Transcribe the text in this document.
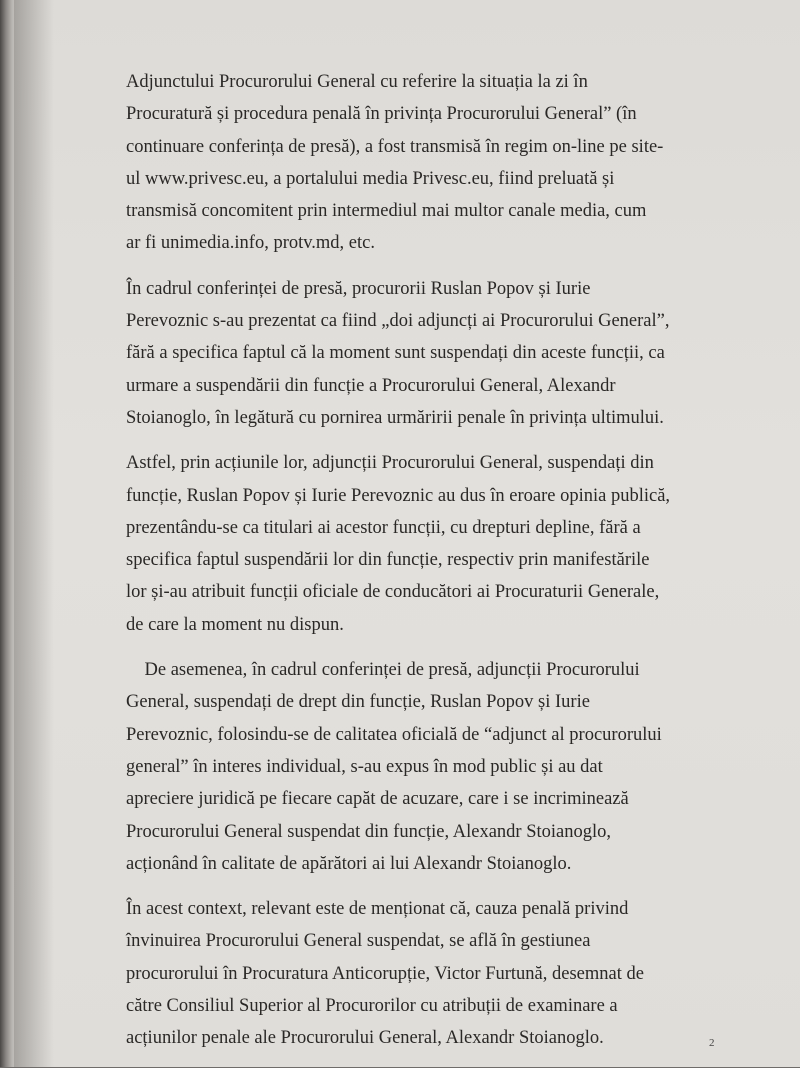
Adjunctului Procurorului General cu referire la situația la zi în
Procuratură și procedura penală în privința Procurorului General” (în
continuare conferința de presă), a fost transmisă în regim on-line pe site-
ul www.privesc.eu, a portalului media Privesc.eu, fiind preluată și
transmisă concomitent prin intermediul mai multor canale media, cum
ar fi unimedia.info, protv.md, etc.

În cadrul conferinței de presă, procurorii Ruslan Popov și Iurie
Perevoznic s-au prezentat ca fiind „doi adjuncți ai Procurorului General”,
fără a specifica faptul că la moment sunt suspendați din aceste funcții, ca
urmare a suspendării din funcție a Procurorului General, Alexandr
Stoianoglo, în legătură cu pornirea urmăririi penale în privința ultimului.

Astfel, prin acțiunile lor, adjuncții Procurorului General, suspendați din
funcție, Ruslan Popov și Iurie Perevoznic au dus în eroare opinia publică,
prezentându-se ca titulari ai acestor funcții, cu drepturi depline, fără a
specifica faptul suspendării lor din funcție, respectiv prin manifestările
lor și-au atribuit funcții oficiale de conducători ai Procuraturii Generale,
de care la moment nu dispun.

De asemenea, în cadrul conferinței de presă, adjuncții Procurorului
General, suspendați de drept din funcție, Ruslan Popov și Iurie
Perevoznic, folosindu-se de calitatea oficială de “adjunct al procurorului
general” în interes individual, s-au expus în mod public și au dat
apreciere juridică pe fiecare capăt de acuzare, care i se incriminează
Procurorului General suspendat din funcție, Alexandr Stoianoglo,
acționând în calitate de apărători ai lui Alexandr Stoianoglo.

În acest context, relevant este de menționat că, cauza penală privind
învinuirea Procurorului General suspendat, se află în gestiunea
procurorului în Procuratura Anticorupție, Victor Furtună, desemnat de
către Consiliul Superior al Procurorilor cu atribuții de examinare a
acțiunilor penale ale Procurorului General, Alexandr Stoianoglo.	2
